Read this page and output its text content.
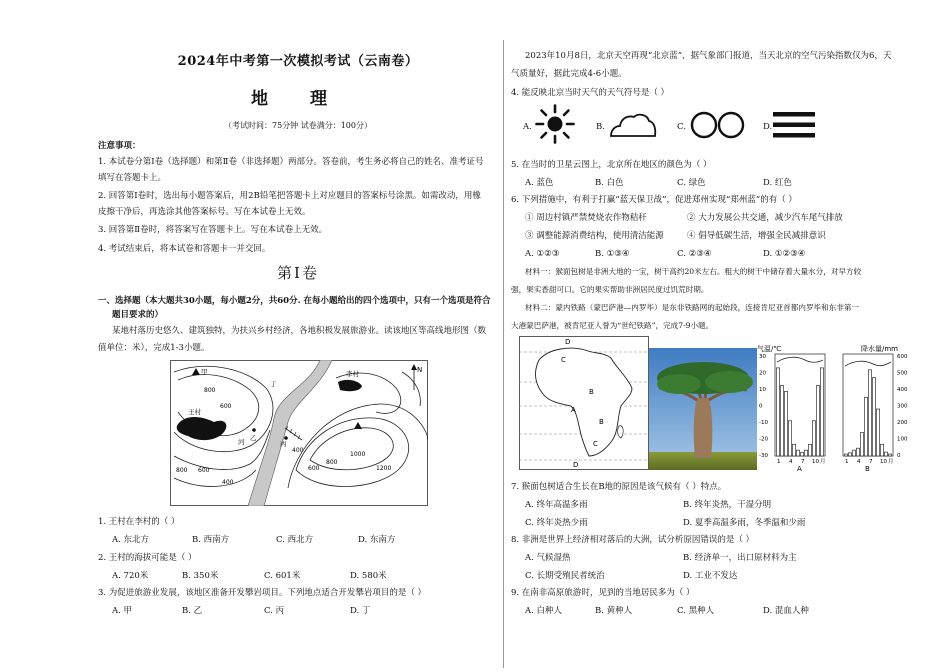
2024年中考第一次模拟考试（云南卷）
地 理
（考试时间：75分钟 试卷满分：100分）
注意事项：
1. 本试卷分第Ⅰ卷（选择题）和第Ⅱ卷（非选择题）两部分。答卷前，考生务必将自己的姓名、准考证号
填写在答题卡上。
2. 回答第Ⅰ卷时，选出每小题答案后，用2B铅笔把答题卡上对应题目的答案标号涂黑。如需改动，用橡
皮擦干净后，再选涂其他答案标号。写在本试卷上无效。
3. 回答第Ⅱ卷时，将答案写在答题卡上。写在本试卷上无效。
4. 考试结束后，将本试卷和答题卡一并交回。
第Ⅰ卷
一、选择题（本大题共30小题，每小题2分，共60分. 在每小题给出的四个选项中，只有一个选项是符合
题目要求的）
某地村落历史悠久、建筑独特，为扶兴乡村经济，各地积极发展旅游业。读该地区等高线地形图（数
值单位：米），完成1-3小题。
N
甲	李村
王村
乙
丙
丁
河
800
600
400
600
800
400
600
800
1000
1200
1. 王村在李村的（ ）
A. 东北方	B. 西南方	C. 西北方	D. 东南方
2. 王村的海拔可能是（ ）
A. 720米	B. 350米	C. 601米	D. 580米
3. 为促进旅游业发展，该地区准备开发攀岩项目。下列地点适合开发攀岩项目的是（ ）
A. 甲	B. 乙	C. 丙	D. 丁
2023年10月8日，北京天空再现“北京蓝”，据气象部门报道，当天北京的空气污染指数仅为6，天
气质量好，据此完成4-6小题。
4. 能反映北京当时天气的天气符号是（ ）
A.	B.	C.	D.
5. 在当时的卫星云图上，北京所在地区的颜色为（ ）
A. 蓝色	B. 白色	C. 绿色	D. 红色
6. 下列措施中，有利于打赢“蓝天保卫战”，促进郑州实现“郑州蓝”的有（ ）
① 周边村镇严禁焚烧农作物秸秆	② 大力发展公共交通，减少汽车尾气排放
③ 调整能源消费结构，使用清洁能源	④ 倡导低碳生活，增强全民减排意识
A. ①②③	B. ①③④	C. ②③④	D. ①②③④
材料一：猴面包树是非洲大地的一宝，树干高约20米左右。粗大的树干中储存着大量水分，对早方较
强，果实香甜可口。它的果实帮助非洲居民度过饥荒时期。
材料二：蒙内铁路（蒙巴萨港—内罗毕）是东非铁路网的起始段，连接肯尼亚首都内罗毕和东非第一
大港蒙巴萨港，被肯尼亚人誉为“世纪铁路”，完成7-9小题。
C
B
A
B
C
D
D
气温/℃	降水量/mm
30
20
10
0
-10
-20
-30
600
500
400
300
200
100
0
1 4 7 10 月	1 4 7 10 月
A	B
7. 猴面包树适合生长在B地的原因是该气候有（ ）特点。
A. 终年高温多雨	B. 终年炎热，干湿分明
C. 终年炎热少雨	D. 夏季高温多雨，冬季温和少雨
8. 非洲是世界上经济相对落后的大洲，试分析原因错误的是（ ）
A. 气候湿热	B. 经济单一，出口原材料为主
C. 长期受殖民者统治	D. 工业不发达
9. 在南非高原旅游时，见到的当地居民多为（ ）
A. 白种人	B. 黄种人	C. 黑种人	D. 混血人种
